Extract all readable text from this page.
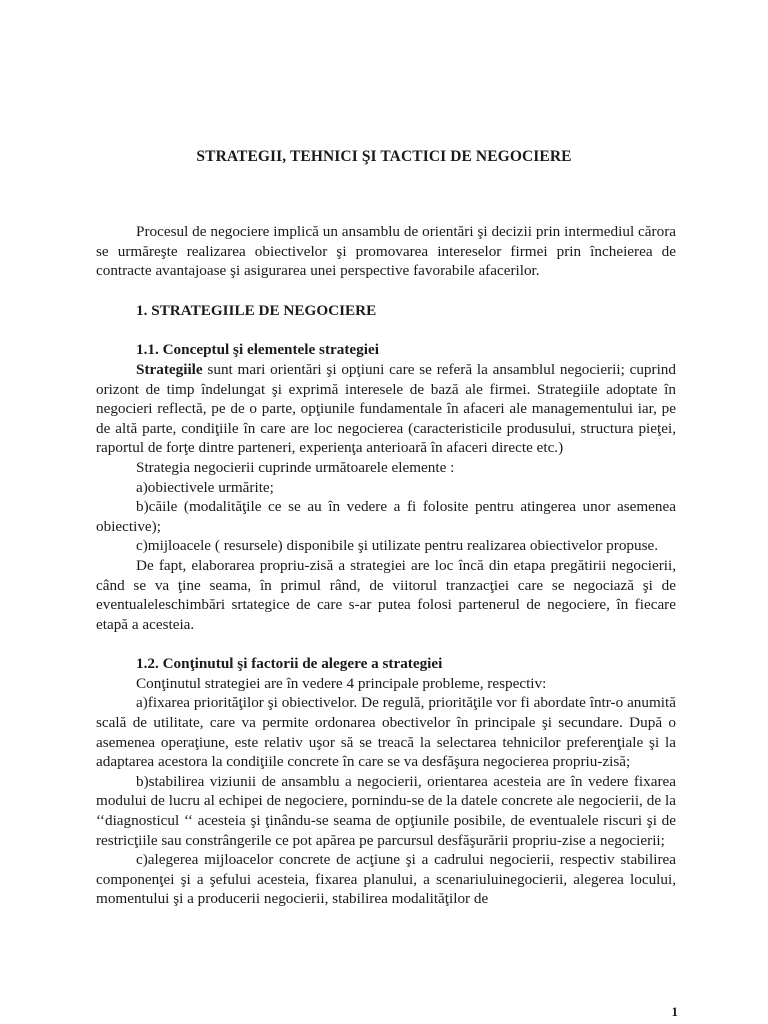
STRATEGII, TEHNICI ŞI TACTICI DE NEGOCIERE

Procesul de negociere implică un ansamblu de orientări şi decizii prin intermediul cărora se urmăreşte realizarea obiectivelor şi promovarea intereselor firmei prin încheierea de contracte avantajoase şi asigurarea unei perspective favorabile afacerilor.

1. STRATEGIILE DE NEGOCIERE

1.1. Conceptul şi elementele strategiei

Strategiile sunt mari orientări şi opţiuni care se referă la ansamblul negocierii; cuprind orizont de timp îndelungat şi exprimă interesele de bază ale firmei. Strategiile adoptate în negocieri reflectă, pe de o parte, opţiunile fundamentale în afaceri ale managementului iar, pe de altă parte, condiţiile în care are loc negocierea (caracteristicile produsului, structura pieţei, raportul de forţe dintre parteneri, experienţa anterioară în afaceri directe etc.)

Strategia negocierii cuprinde următoarele elemente :

a)obiectivele urmărite;

b)căile (modalităţile ce se au în vedere a fi folosite pentru atingerea unor asemenea obiective);

c)mijloacele ( resursele) disponibile şi utilizate pentru realizarea obiectivelor propuse.

De fapt, elaborarea propriu-zisă a strategiei are loc încă din etapa pregătirii negocierii, când se va ţine seama, în primul rând, de viitorul tranzacţiei care se negociază şi de eventualeleschimbări srtategice de care s-ar putea folosi partenerul de negociere, în fiecare etapă a acesteia.

1.2. Conţinutul şi factorii de alegere a strategiei

Conţinutul strategiei are în vedere 4 principale probleme, respectiv:

a)fixarea priorităţilor şi obiectivelor. De regulă, priorităţile vor fi abordate într-o anumită scală de utilitate, care va permite ordonarea obectivelor în principale şi secundare. După o asemenea operaţiune, este relativ uşor să se treacă la selectarea tehnicilor preferenţiale şi la adaptarea acestora la condiţiile concrete în care se va desfăşura negocierea propriu-zisă;

b)stabilirea viziunii de ansamblu a negocierii, orientarea acesteia are în vedere fixarea modului de lucru al echipei de negociere, pornindu-se de la datele concrete ale negocierii, de la ‘‘diagnosticul ‘‘ acesteia şi ţinându-se seama de opţiunile posibile, de eventualele riscuri şi de restricţiile sau constrângerile ce pot apărea pe parcursul desfăşurării propriu-zise a negocierii;

c)alegerea mijloacelor concrete de acţiune şi a cadrului negocierii, respectiv stabilirea componenţei şi a şefului acesteia, fixarea planului, a scenariuluinegocierii, alegerea locului, momentului şi a producerii negocierii, stabilirea modalităţilor de

1
